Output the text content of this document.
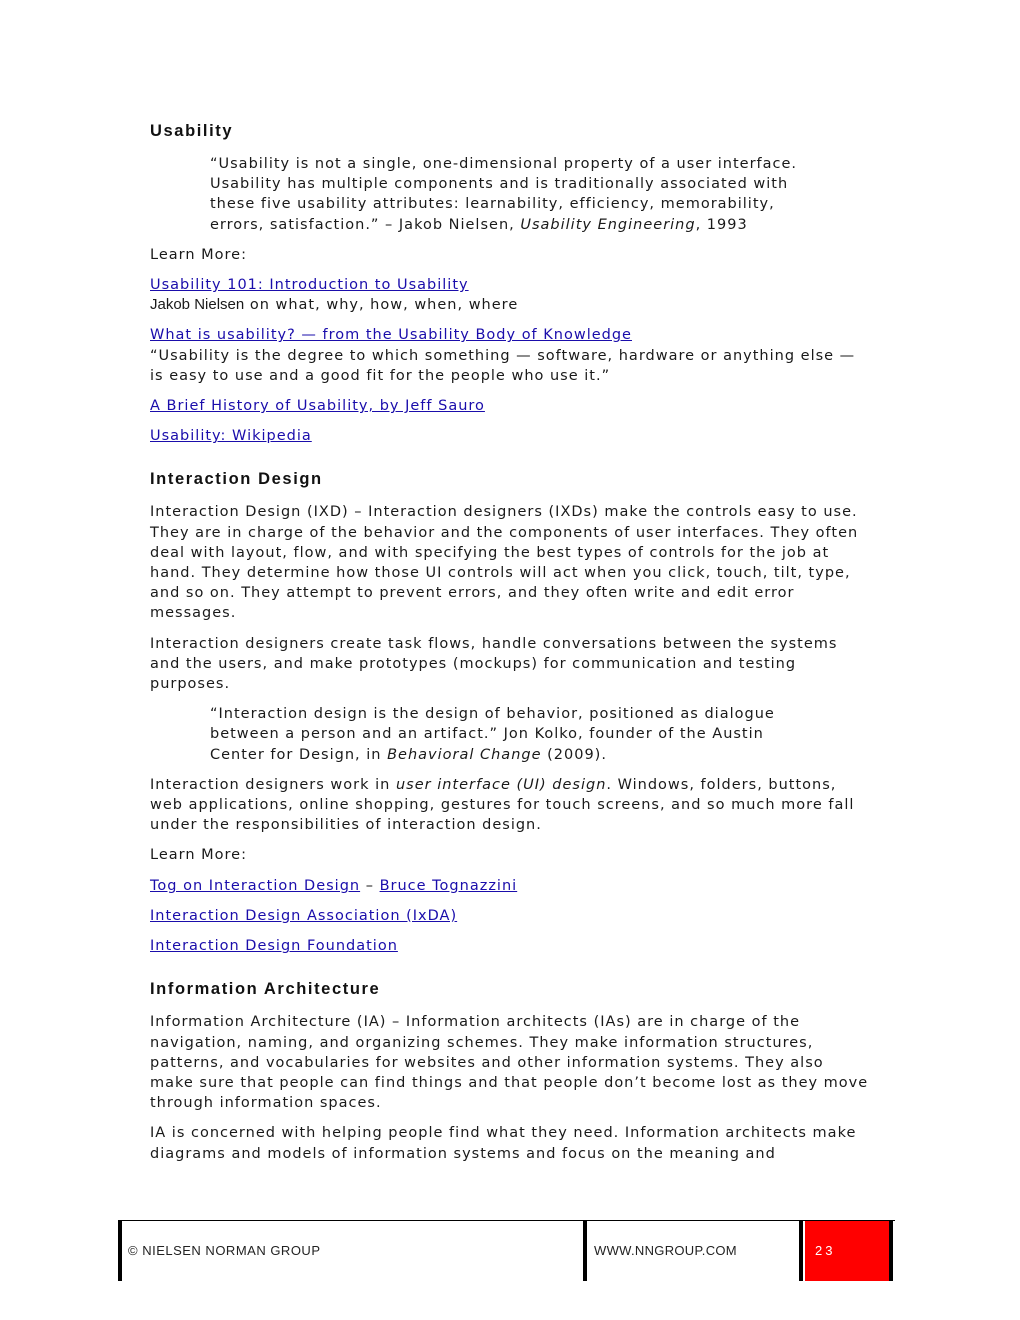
Usability

“Usability is not a single, one-dimensional property of a user interface. Usability has multiple components and is traditionally associated with these five usability attributes: learnability, efficiency, memorability, errors, satisfaction.” – Jakob Nielsen, Usability Engineering, 1993

Learn More:

Usability 101: Introduction to Usability
Jakob Nielsen on what, why, how, when, where

What is usability? — from the Usability Body of Knowledge
“Usability is the degree to which something — software, hardware or anything else — is easy to use and a good fit for the people who use it.”

A Brief History of Usability, by Jeff Sauro

Usability: Wikipedia

Interaction Design

Interaction Design (IXD) – Interaction designers (IXDs) make the controls easy to use. They are in charge of the behavior and the components of user interfaces. They often deal with layout, flow, and with specifying the best types of controls for the job at hand. They determine how those UI controls will act when you click, touch, tilt, type, and so on. They attempt to prevent errors, and they often write and edit error messages.

Interaction designers create task flows, handle conversations between the systems and the users, and make prototypes (mockups) for communication and testing purposes.

“Interaction design is the design of behavior, positioned as dialogue between a person and an artifact.” Jon Kolko, founder of the Austin Center for Design, in Behavioral Change (2009).

Interaction designers work in user interface (UI) design. Windows, folders, buttons, web applications, online shopping, gestures for touch screens, and so much more fall under the responsibilities of interaction design.

Learn More:

Tog on Interaction Design – Bruce Tognazzini

Interaction Design Association (IxDA)

Interaction Design Foundation

Information Architecture

Information Architecture (IA) – Information architects (IAs) are in charge of the navigation, naming, and organizing schemes. They make information structures, patterns, and vocabularies for websites and other information systems. They also make sure that people can find things and that people don’t become lost as they move through information spaces.

IA is concerned with helping people find what they need. Information architects make diagrams and models of information systems and focus on the meaning and

© NIELSEN NORMAN GROUP	WWW.NNGROUP.COM	23
